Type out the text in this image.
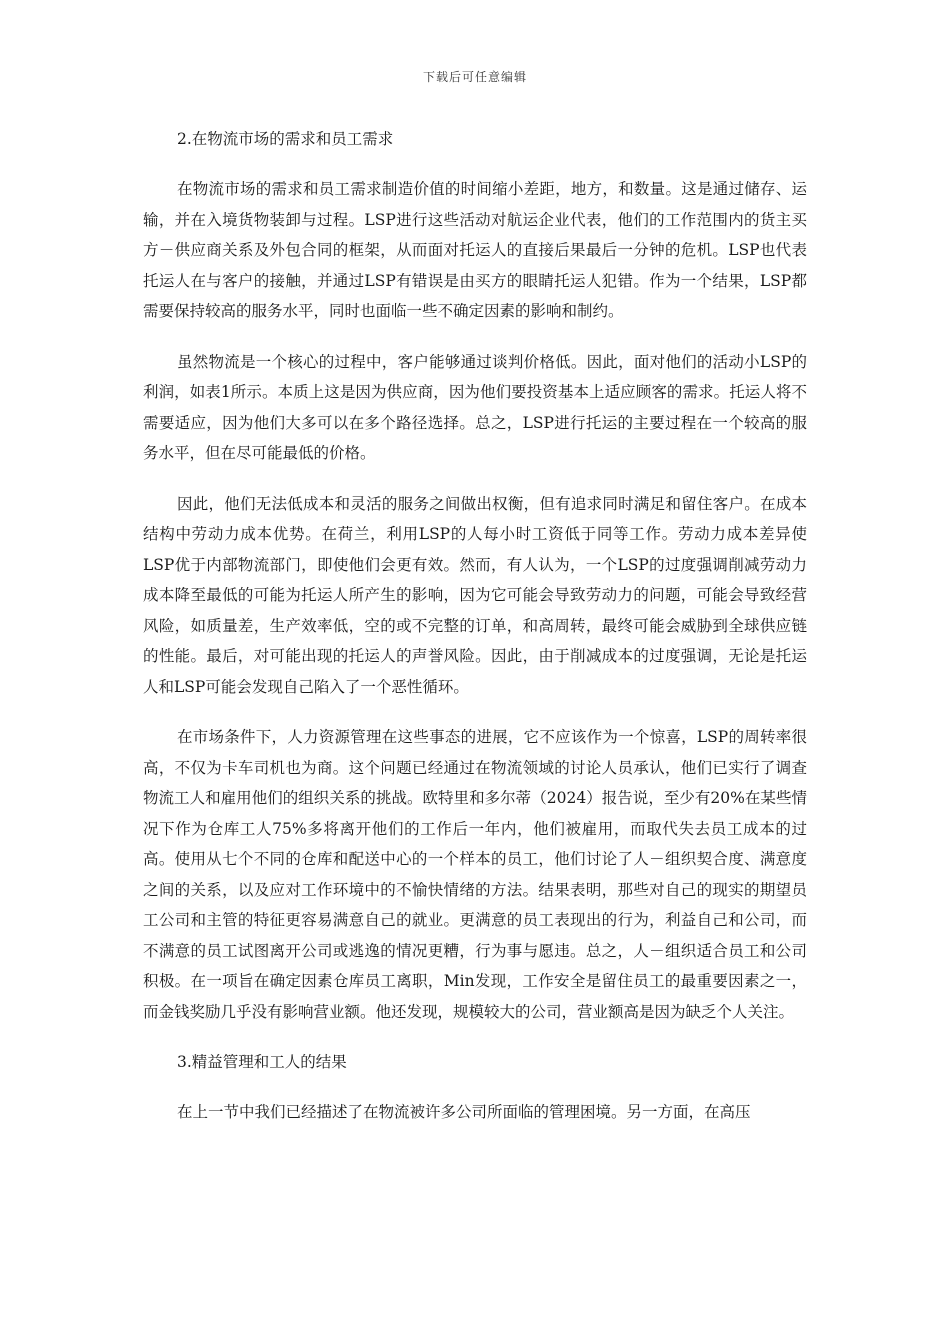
下载后可任意编辑

2.在物流市场的需求和员工需求

在物流市场的需求和员工需求制造价值的时间缩小差距，地方，和数量。这是通过储存、运输，并在入境货物装卸与过程。LSP进行这些活动对航运企业代表，他们的工作范围内的货主买方－供应商关系及外包合同的框架，从而面对托运人的直接后果最后一分钟的危机。LSP也代表托运人在与客户的接触，并通过LSP有错误是由买方的眼睛托运人犯错。作为一个结果，LSP都需要保持较高的服务水平，同时也面临一些不确定因素的影响和制约。

虽然物流是一个核心的过程中，客户能够通过谈判价格低。因此，面对他们的活动小LSP的利润，如表1所示。本质上这是因为供应商，因为他们要投资基本上适应顾客的需求。托运人将不需要适应，因为他们大多可以在多个路径选择。总之，LSP进行托运的主要过程在一个较高的服务水平，但在尽可能最低的价格。

因此，他们无法低成本和灵活的服务之间做出权衡，但有追求同时满足和留住客户。在成本结构中劳动力成本优势。在荷兰，利用LSP的人每小时工资低于同等工作。劳动力成本差异使LSP优于内部物流部门，即使他们会更有效。然而，有人认为，一个LSP的过度强调削减劳动力成本降至最低的可能为托运人所产生的影响，因为它可能会导致劳动力的问题，可能会导致经营风险，如质量差，生产效率低，空的或不完整的订单，和高周转，最终可能会威胁到全球供应链的性能。最后，对可能出现的托运人的声誉风险。因此，由于削减成本的过度强调，无论是托运人和LSP可能会发现自己陷入了一个恶性循环。

在市场条件下，人力资源管理在这些事态的进展，它不应该作为一个惊喜，LSP的周转率很高，不仅为卡车司机也为商。这个问题已经通过在物流领域的讨论人员承认，他们已实行了调查物流工人和雇用他们的组织关系的挑战。欧特里和多尔蒂（2024）报告说，至少有20%在某些情况下作为仓库工人75%多将离开他们的工作后一年内，他们被雇用，而取代失去员工成本的过高。使用从七个不同的仓库和配送中心的一个样本的员工，他们讨论了人－组织契合度、满意度之间的关系，以及应对工作环境中的不愉快情绪的方法。结果表明，那些对自己的现实的期望员工公司和主管的特征更容易满意自己的就业。更满意的员工表现出的行为，利益自己和公司，而不满意的员工试图离开公司或逃逸的情况更糟，行为事与愿违。总之，人－组织适合员工和公司积极。在一项旨在确定因素仓库员工离职，Min发现，工作安全是留住员工的最重要因素之一，而金钱奖励几乎没有影响营业额。他还发现，规模较大的公司，营业额高是因为缺乏个人关注。

3.精益管理和工人的结果

在上一节中我们已经描述了在物流被许多公司所面临的管理困境。另一方面，在高压
